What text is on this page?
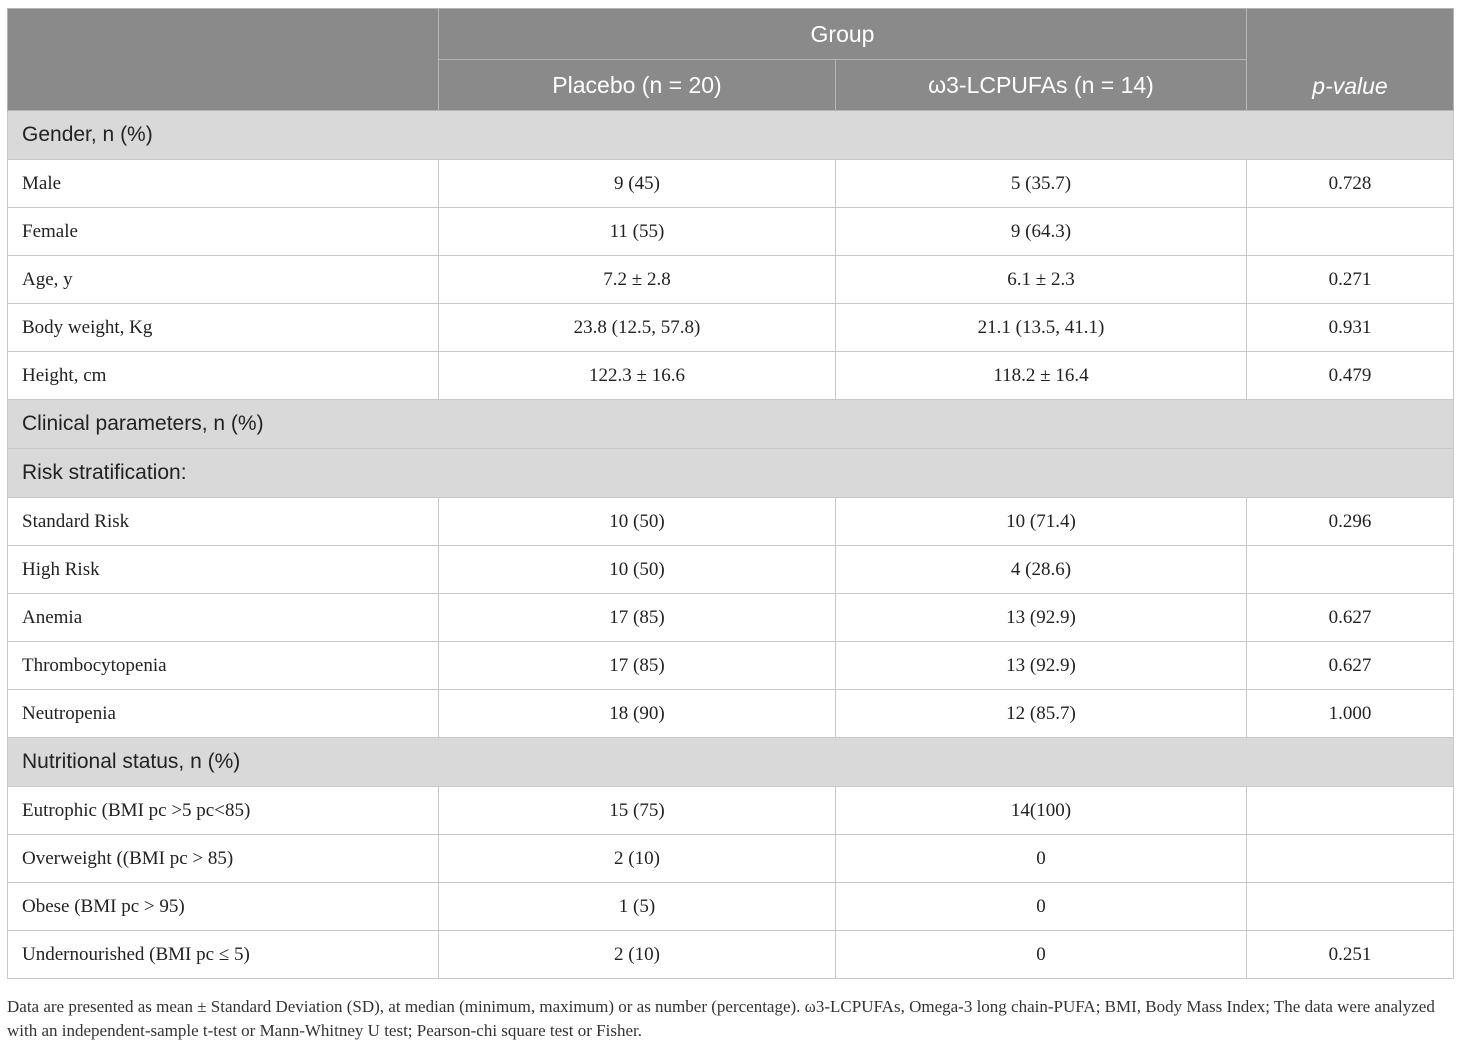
	Group		p-value
	Placebo (n = 20)	ω3-LCPUFAs (n = 14)	
Gender, n (%)			
Male	9 (45)	5 (35.7)	0.728
Female	11 (55)	9 (64.3)	
Age, y	7.2 ± 2.8	6.1 ± 2.3	0.271
Body weight, Kg	23.8 (12.5, 57.8)	21.1 (13.5, 41.1)	0.931
Height, cm	122.3 ± 16.6	118.2 ± 16.4	0.479
Clinical parameters, n (%)			
Risk stratification:			
Standard Risk	10 (50)	10 (71.4)	0.296
High Risk	10 (50)	4 (28.6)	
Anemia	17 (85)	13 (92.9)	0.627
Thrombocytopenia	17 (85)	13 (92.9)	0.627
Neutropenia	18 (90)	12 (85.7)	1.000
Nutritional status, n (%)			
Eutrophic (BMI pc >5 pc<85)	15 (75)	14(100)	
Overweight ((BMI pc > 85)	2 (10)	0	
Obese (BMI pc > 95)	1 (5)	0	
Undernourished (BMI pc ≤ 5)	2 (10)	0	0.251
Data are presented as mean ± Standard Deviation (SD), at median (minimum, maximum) or as number (percentage). ω3-LCPUFAs, Omega-3 long chain-PUFA; BMI, Body Mass Index; The data were analyzed with an independent-sample t-test or Mann-Whitney U test; Pearson-chi square test or Fisher.
